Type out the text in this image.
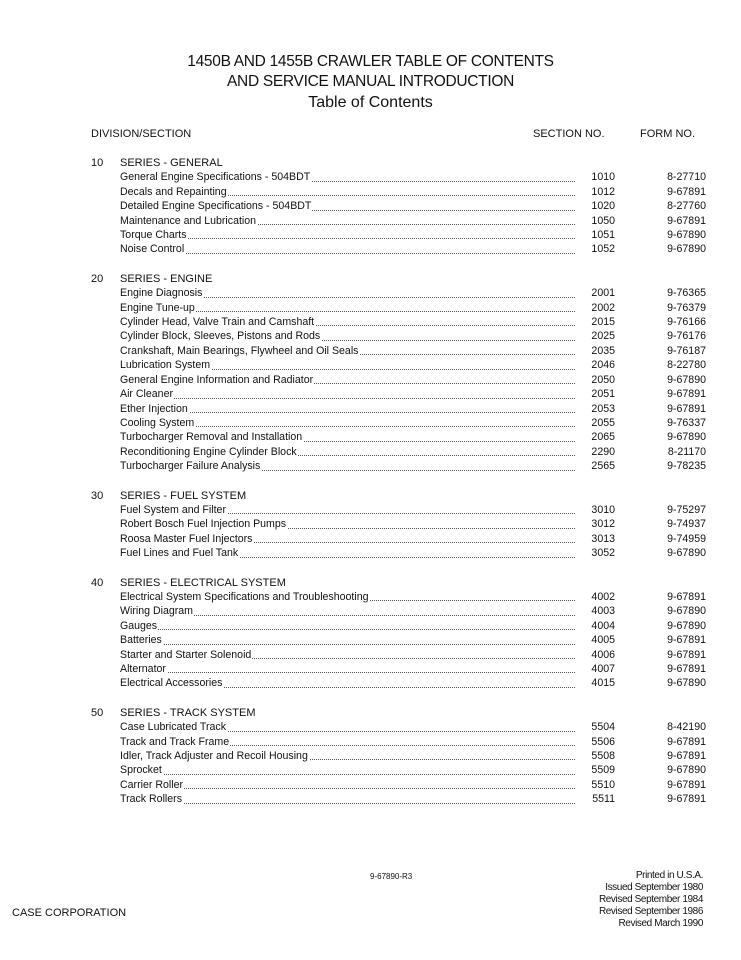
1450B AND 1455B CRAWLER TABLE OF CONTENTS
AND SERVICE MANUAL INTRODUCTION
Table of Contents
DIVISION/SECTION	SECTION NO.	FORM NO.
10	SERIES - GENERAL
General Engine Specifications - 504BDT	1010	8-27710
Decals and Repainting	1012	9-67891
Detailed Engine Specifications - 504BDT	1020	8-27760
Maintenance and Lubrication	1050	9-67891
Torque Charts	1051	9-67890
Noise Control	1052	9-67890
20	SERIES - ENGINE
Engine Diagnosis	2001	9-76365
Engine Tune-up	2002	9-76379
Cylinder Head, Valve Train and Camshaft	2015	9-76166
Cylinder Block, Sleeves, Pistons and Rods	2025	9-76176
Crankshaft, Main Bearings, Flywheel and Oil Seals	2035	9-76187
Lubrication System	2046	8-22780
General Engine Information and Radiator	2050	9-67890
Air Cleaner	2051	9-67891
Ether Injection	2053	9-67891
Cooling System	2055	9-76337
Turbocharger Removal and Installation	2065	9-67890
Reconditioning Engine Cylinder Block	2290	8-21170
Turbocharger Failure Analysis	2565	9-78235
30	SERIES - FUEL SYSTEM
Fuel System and Filter	3010	9-75297
Robert Bosch Fuel Injection Pumps	3012	9-74937
Roosa Master Fuel Injectors	3013	9-74959
Fuel Lines and Fuel Tank	3052	9-67890
40	SERIES - ELECTRICAL SYSTEM
Electrical System Specifications and Troubleshooting	4002	9-67891
Wiring Diagram	4003	9-67890
Gauges	4004	9-67890
Batteries	4005	9-67891
Starter and Starter Solenoid	4006	9-67891
Alternator	4007	9-67891
Electrical Accessories	4015	9-67890
50	SERIES - TRACK SYSTEM
Case Lubricated Track	5504	8-42190
Track and Track Frame	5506	9-67891
Idler, Track Adjuster and Recoil Housing	5508	9-67891
Sprocket	5509	9-67890
Carrier Roller	5510	9-67891
Track Rollers	5511	9-67891
9-67890-R3
CASE CORPORATION
Printed in U.S.A.
Issued September 1980
Revised September 1984
Revised September 1986
Revised March 1990
